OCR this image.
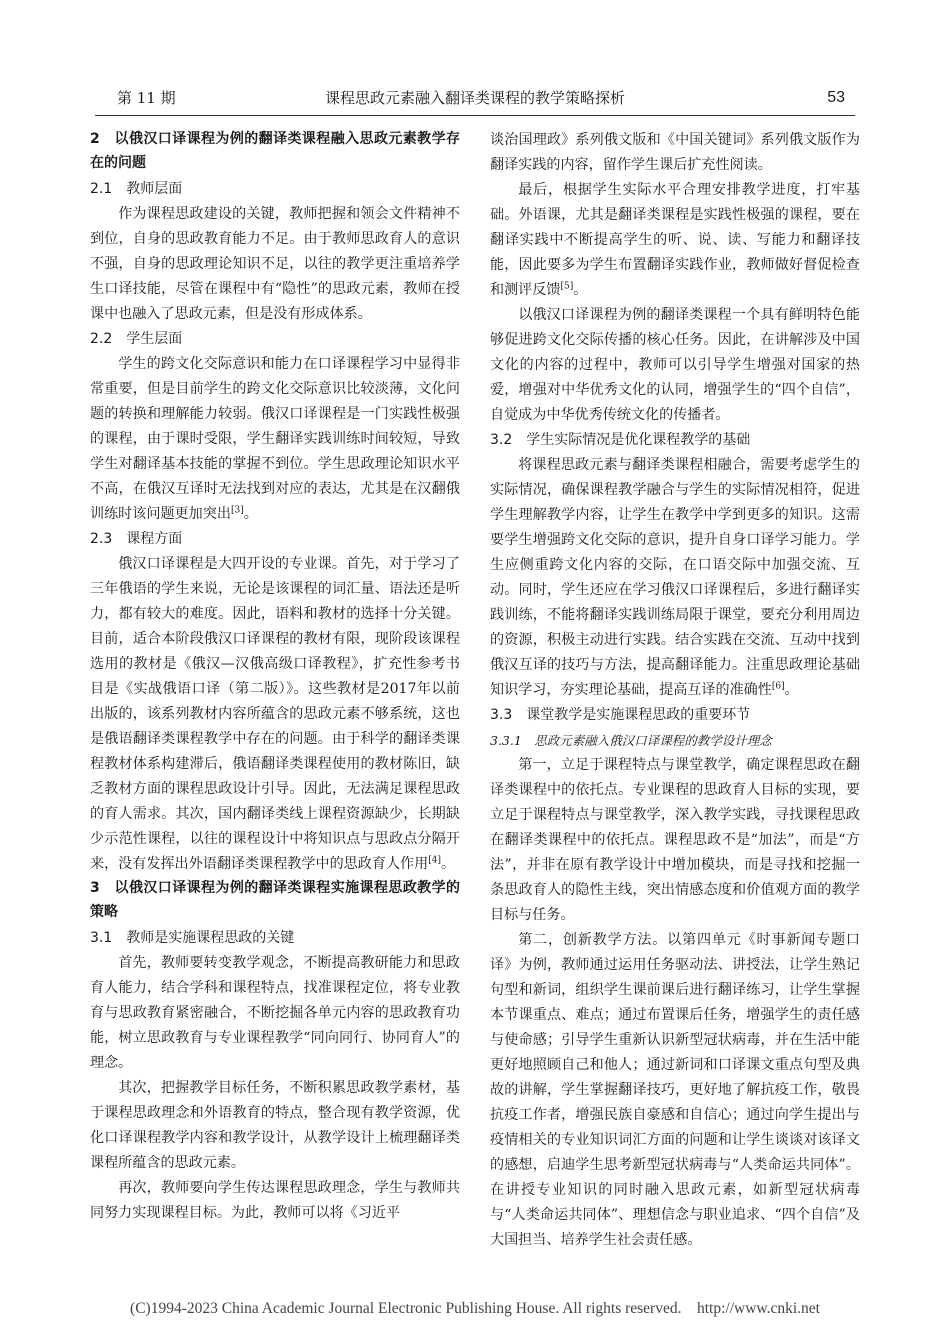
第 11 期	课程思政元素融入翻译类课程的教学策略探析	53
2　以俄汉口译课程为例的翻译类课程融入思政元素教学存在的问题
2.1　教师层面

作为课程思政建设的关键，教师把握和领会文件精神不到位，自身的思政教育能力不足。由于教师思政育人的意识不强，自身的思政理论知识不足，以往的教学更注重培养学生口译技能，尽管在课程中有“隐性”的思政元素，教师在授课中也融入了思政元素，但是没有形成体系。

2.2　学生层面

学生的跨文化交际意识和能力在口译课程学习中显得非常重要，但是目前学生的跨文化交际意识比较淡薄，文化问题的转换和理解能力较弱。俄汉口译课程是一门实践性极强的课程，由于课时受限，学生翻译实践训练时间较短，导致学生对翻译基本技能的掌握不到位。学生思政理论知识水平不高，在俄汉互译时无法找到对应的表达，尤其是在汉翻俄训练时该问题更加突出[3]。

2.3　课程方面

俄汉口译课程是大四开设的专业课。首先，对于学习了三年俄语的学生来说，无论是该课程的词汇量、语法还是听力，都有较大的难度。因此，语料和教材的选择十分关键。目前，适合本阶段俄汉口译课程的教材有限，现阶段该课程选用的教材是《俄汉—汉俄高级口译教程》，扩充性参考书目是《实战俄语口译（第二版）》。这些教材是2017年以前出版的，该系列教材内容所蕴含的思政元素不够系统，这也是俄语翻译类课程教学中存在的问题。由于科学的翻译类课程教材体系构建滞后，俄语翻译类课程使用的教材陈旧，缺乏教材方面的课程思政设计引导。因此，无法满足课程思政的育人需求。其次，国内翻译类线上课程资源缺少，长期缺少示范性课程，以往的课程设计中将知识点与思政点分隔开来，没有发挥出外语翻译类课程教学中的思政育人作用[4]。

3　以俄汉口译课程为例的翻译类课程实施课程思政教学的策略
3.1　教师是实施课程思政的关键

首先，教师要转变教学观念，不断提高教研能力和思政育人能力，结合学科和课程特点，找准课程定位，将专业教育与思政教育紧密融合，不断挖掘各单元内容的思政教育功能，树立思政教育与专业课程教学“同向同行、协同育人”的理念。

其次，把握教学目标任务，不断积累思政教学素材，基于课程思政理念和外语教育的特点，整合现有教学资源，优化口译课程教学内容和教学设计，从教学设计上梳理翻译类课程所蕴含的思政元素。

再次，教师要向学生传达课程思政理念，学生与教师共同努力实现课程目标。为此，教师可以将《习近平

谈治国理政》系列俄文版和《中国关键词》系列俄文版作为翻译实践的内容，留作学生课后扩充性阅读。

最后，根据学生实际水平合理安排教学进度，打牢基础。外语课，尤其是翻译类课程是实践性极强的课程，要在翻译实践中不断提高学生的听、说、读、写能力和翻译技能，因此要多为学生布置翻译实践作业，教师做好督促检查和测评反馈[5]。

以俄汉口译课程为例的翻译类课程一个具有鲜明特色能够促进跨文化交际传播的核心任务。因此，在讲解涉及中国文化的内容的过程中，教师可以引导学生增强对国家的热爱，增强对中华优秀文化的认同，增强学生的“四个自信”，自觉成为中华优秀传统文化的传播者。

3.2　学生实际情况是优化课程教学的基础

将课程思政元素与翻译类课程相融合，需要考虑学生的实际情况，确保课程教学融合与学生的实际情况相符，促进学生理解教学内容，让学生在教学中学到更多的知识。这需要学生增强跨文化交际的意识，提升自身口译学习能力。学生应侧重跨文化内容的交际，在口语交际中加强交流、互动。同时，学生还应在学习俄汉口译课程后，多进行翻译实践训练，不能将翻译实践训练局限于课堂，要充分利用周边的资源，积极主动进行实践。结合实践在交流、互动中找到俄汉互译的技巧与方法，提高翻译能力。注重思政理论基础知识学习，夯实理论基础，提高互译的准确性[6]。

3.3　课堂教学是实施课程思政的重要环节
3.3.1　思政元素融入俄汉口译课程的教学设计理念

第一，立足于课程特点与课堂教学，确定课程思政在翻译类课程中的依托点。专业课程的思政育人目标的实现，要立足于课程特点与课堂教学，深入教学实践，寻找课程思政在翻译类课程中的依托点。课程思政不是“加法”，而是“方法”，并非在原有教学设计中增加模块，而是寻找和挖掘一条思政育人的隐性主线，突出情感态度和价值观方面的教学目标与任务。

第二，创新教学方法。以第四单元《时事新闻专题口译》为例，教师通过运用任务驱动法、讲授法，让学生熟记句型和新词，组织学生课前课后进行翻译练习，让学生掌握本节课重点、难点；通过布置课后任务，增强学生的责任感与使命感；引导学生重新认识新型冠状病毒，并在生活中能更好地照顾自己和他人；通过新词和口译课文重点句型及典故的讲解，学生掌握翻译技巧，更好地了解抗疫工作，敬畏抗疫工作者，增强民族自豪感和自信心；通过向学生提出与疫情相关的专业知识词汇方面的问题和让学生谈谈对该译文的感想，启迪学生思考新型冠状病毒与“人类命运共同体”。在讲授专业知识的同时融入思政元素，如新型冠状病毒与“人类命运共同体”、理想信念与职业追求、“四个自信”及大国担当、培养学生社会责任感。

(C)1994-2023 China Academic Journal Electronic Publishing House. All rights reserved.　http://www.cnki.net
